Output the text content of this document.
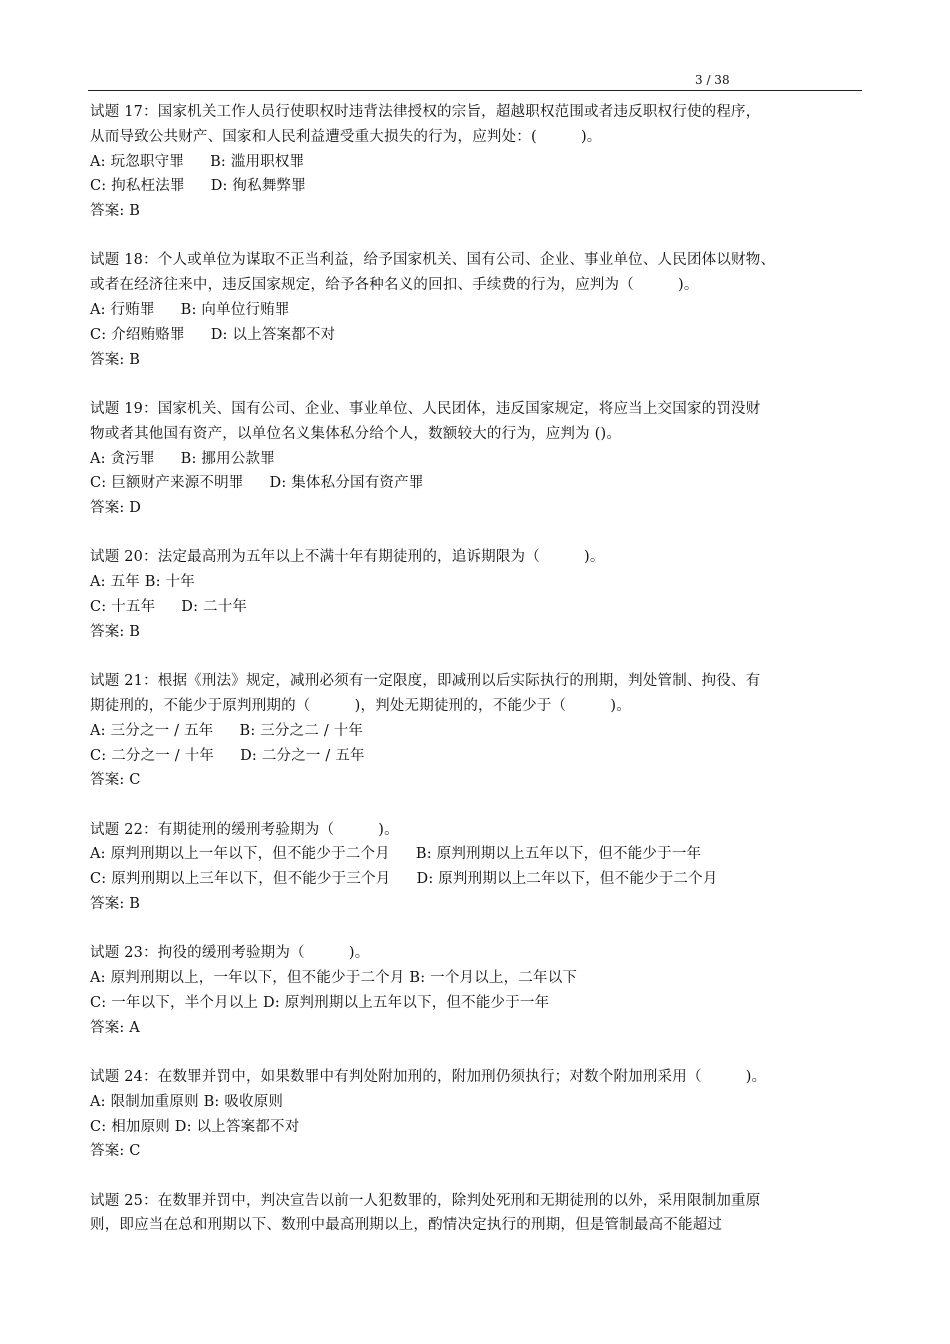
3 / 38
试题 17：国家机关工作人员行使职权时违背法律授权的宗旨，超越职权范围或者违反职权行使的程序，
从而导致公共财产、国家和人民利益遭受重大损失的行为，应判处：(　　　)。
A: 玩忽职守罪 B: 滥用职权罪
C: 拘私枉法罪 D: 徇私舞弊罪
答案: B
试题 18：个人或单位为谋取不正当利益，给予国家机关、国有公司、企业、事业单位、人民团体以财物、
或者在经济往来中，违反国家规定，给予各种名义的回扣、手续费的行为，应判为（　　　)。
A: 行贿罪 B: 向单位行贿罪
C: 介绍贿赂罪 D: 以上答案都不对
答案: B
试题 19：国家机关、国有公司、企业、事业单位、人民团体，违反国家规定，将应当上交国家的罚没财
物或者其他国有资产，以单位名义集体私分给个人，数额较大的行为，应判为 ()。
A: 贪污罪 B: 挪用公款罪
C: 巨额财产来源不明罪 D: 集体私分国有资产罪
答案: D
试题 20：法定最高刑为五年以上不满十年有期徒刑的，追诉期限为（　　　)。
A: 五年 B: 十年
C: 十五年 D: 二十年
答案: B
试题 21：根据《刑法》规定，减刑必须有一定限度，即减刑以后实际执行的刑期，判处管制、拘役、有
期徒刑的，不能少于原判刑期的（　　　)，判处无期徒刑的，不能少于（　　　)。
A: 三分之一 / 五年 B: 三分之二 / 十年
C: 二分之一 / 十年 D: 二分之一 / 五年
答案: C
试题 22：有期徒刑的缓刑考验期为（　　　)。
A: 原判刑期以上一年以下，但不能少于二个月 B: 原判刑期以上五年以下，但不能少于一年
C: 原判刑期以上三年以下，但不能少于三个月 D: 原判刑期以上二年以下，但不能少于二个月
答案: B
试题 23：拘役的缓刑考验期为（　　　)。
A: 原判刑期以上，一年以下，但不能少于二个月 B: 一个月以上，二年以下
C: 一年以下，半个月以上 D: 原判刑期以上五年以下，但不能少于一年
答案: A
试题 24：在数罪并罚中，如果数罪中有判处附加刑的，附加刑仍须执行；对数个附加刑采用（　　　)。
A: 限制加重原则 B: 吸收原则
C: 相加原则 D: 以上答案都不对
答案: C
试题 25：在数罪并罚中，判决宣告以前一人犯数罪的，除判处死刑和无期徒刑的以外，采用限制加重原
则，即应当在总和刑期以下、数刑中最高刑期以上，酌情决定执行的刑期，但是管制最高不能超过
